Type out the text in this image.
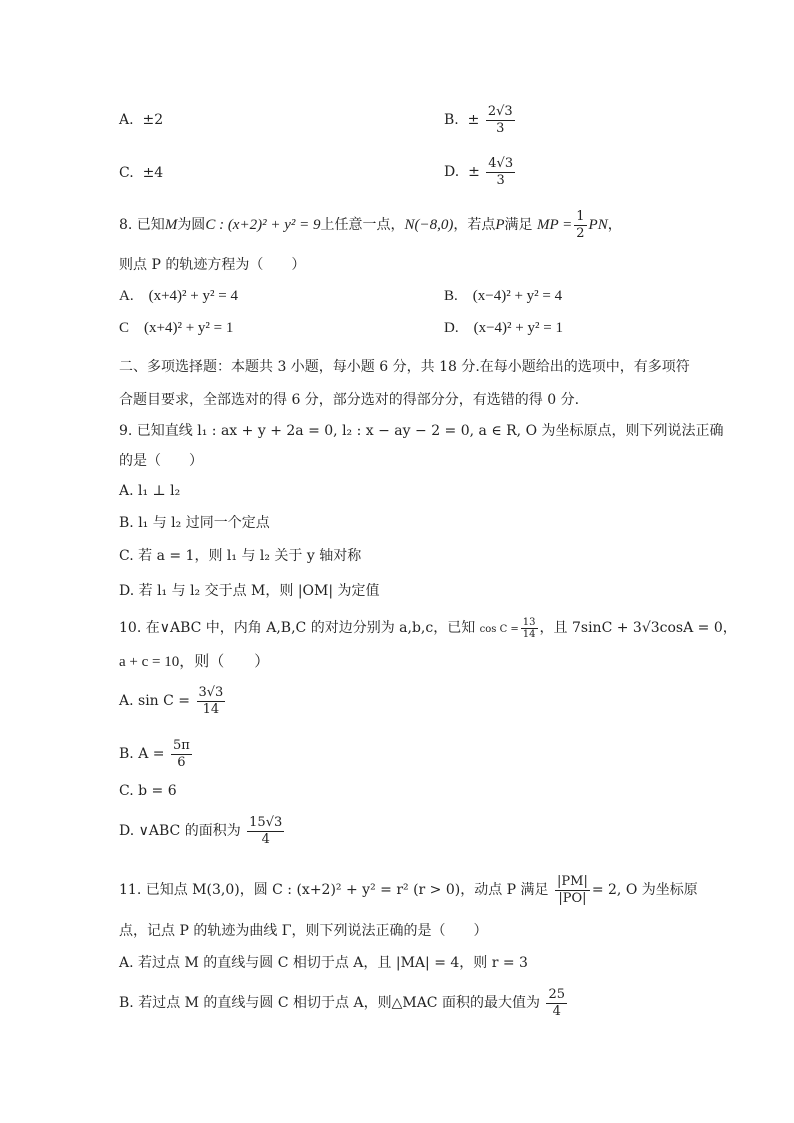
A. ±2	B. ± $\frac{2√3}{3}$
C. ±4	D. ± $\frac{4√3}{3}$
8. 已知M为圆C : (x+2)² + y² = 9上任意一点，N(−8,0)，若点P满足 MP = $\frac{1}{2}$ PN，
则点 P 的轨迹方程为（　　）
A.　(x+4)² + y² = 4	B.　(x−4)² + y² = 4
C　(x+4)² + y² = 1	D.　(x−4)² + y² = 1
二、多项选择题：本题共 3 小题，每小题 6 分，共 18 分.在每小题给出的选项中，有多项符
合题目要求，全部选对的得 6 分，部分选对的得部分分，有选错的得 0 分.
9. 已知直线 l₁ : ax + y + 2a = 0, l₂ : x − ay − 2 = 0, a ∈ R, O 为坐标原点，则下列说法正确
的是（　　）
A. l₁ ⊥ l₂
B. l₁ 与 l₂ 过同一个定点
C. 若 a = 1，则 l₁ 与 l₂ 关于 y 轴对称
D. 若 l₁ 与 l₂ 交于点 M，则 |OM| 为定值
10. 在∨ABC 中，内角 A,B,C 的对边分别为 a,b,c，已知 $\cos C = \frac{13}{14}$ ，且 7sinC + 3√3cosA = 0，
a + c = 10，则（　　）
A. $\sin C = \frac{3√3}{14}$
B. $A = \frac{5\pi}{6}$
C. b = 6
D. ∨ABC 的面积为 $\frac{15√3}{4}$
11. 已知点 M(3,0)，圆 C : (x+2)² + y² = r² (r > 0)，动点 P 满足 $\frac{|PM|}{|PO|} = 2$, O 为坐标原
点，记点 P 的轨迹为曲线 Γ，则下列说法正确的是（　　）
A. 若过点 M 的直线与圆 C 相切于点 A，且 |MA| = 4，则 r = 3
B. 若过点 M 的直线与圆 C 相切于点 A，则△MAC 面积的最大值为 $\frac{25}{4}$
